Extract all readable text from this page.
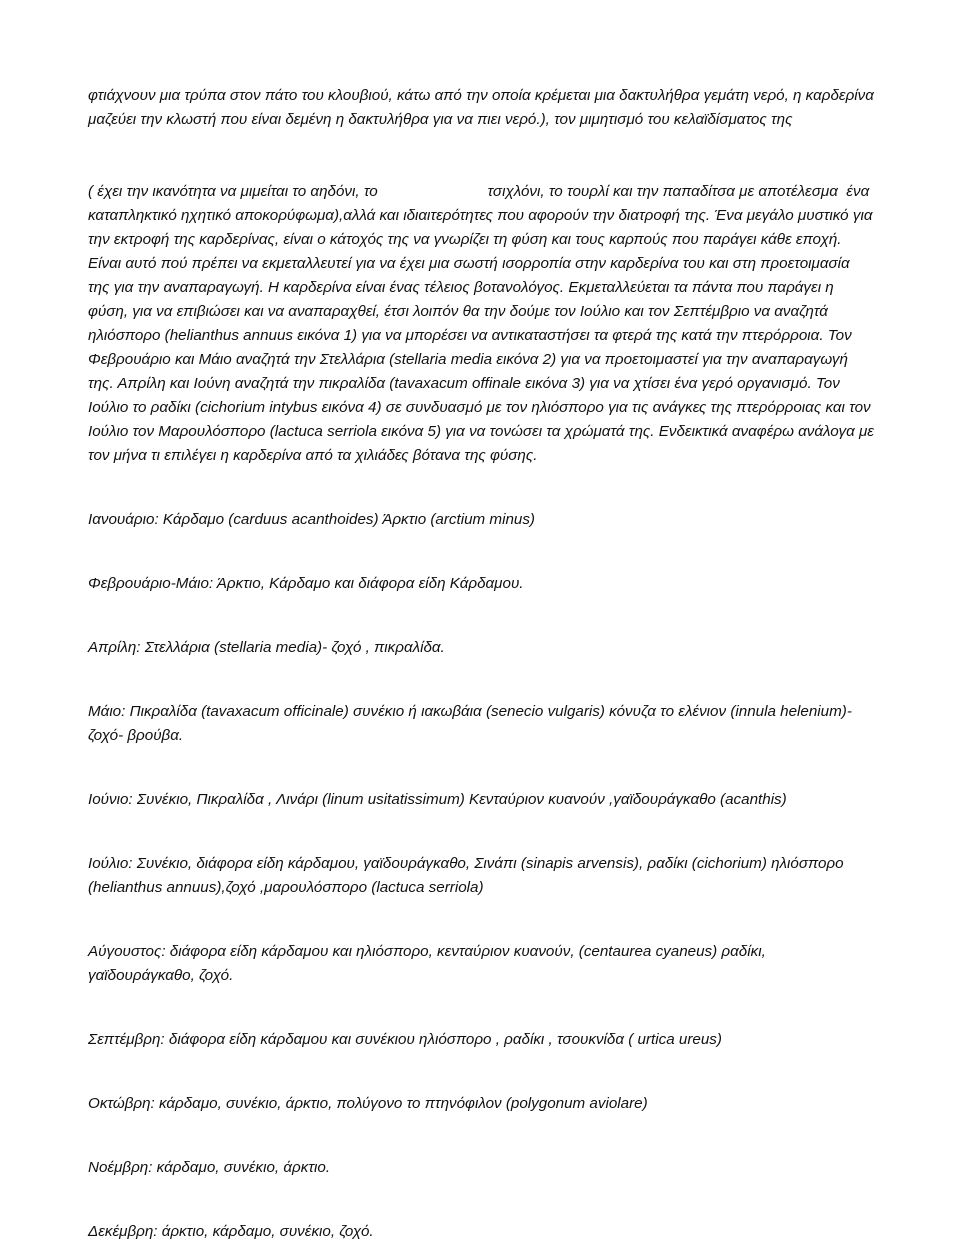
φτιάχνουν μια τρύπα στον πάτο του κλουβιού, κάτω από την οποία κρέμεται μια δακτυλήθρα γεμάτη νερό, η καρδερίνα μαζεύει την κλωστή που είναι δεμένη η δακτυλήθρα για να πιει νερό.), τον μιμητισμό του κελαϊδίσματος της

( έχει την ικανότητα να μιμείται το αηδόνι, το                          τσιχλόνι, το τουρλί και την παπαδίτσα με αποτέλεσμα  ένα καταπληκτικό ηχητικό αποκορύφωμα),αλλά και ιδιαιτερότητες που αφορούν την διατροφή της. Ένα μεγάλο μυστικό για την εκτροφή της καρδερίνας, είναι ο κάτοχός της να γνωρίζει τη φύση και τους καρπούς που παράγει κάθε εποχή. Είναι αυτό πού πρέπει να εκμεταλλευτεί για να έχει μια σωστή ισορροπία στην καρδερίνα του και στη προετοιμασία της για την αναπαραγωγή. Η καρδερίνα είναι ένας τέλειος βοτανολόγος. Εκμεταλλεύεται τα πάντα που παράγει η φύση, για να επιβιώσει και να αναπαραχθεί, έτσι λοιπόν θα την δούμε τον Ιούλιο και τον Σεπτέμβριο να αναζητά ηλιόσπορο (helianthus annuus εικόνα 1) για να μπορέσει να αντικαταστήσει τα φτερά της κατά την πτερόρροια. Τον Φεβρουάριο και Μάιο αναζητά την Στελλάρια (stellaria media εικόνα 2) για να προετοιμαστεί για την αναπαραγωγή της. Απρίλη και Ιούνη αναζητά την πικραλίδα (tavaxacum offinale εικόνα 3) για να χτίσει ένα γερό οργανισμό. Τον Ιούλιο το ραδίκι (cichorium intybus εικόνα 4) σε συνδυασμό με τον ηλιόσπορο για τις ανάγκες της πτερόρροιας και τον Ιούλιο τον Μαρουλόσπορο (lactuca serriola εικόνα 5) για να τονώσει τα χρώματά της. Ενδεικτικά αναφέρω ανάλογα με τον μήνα τι επιλέγει η καρδερίνα από τα χιλιάδες βότανα της φύσης.

Ιανουάριο: Κάρδαμο (carduus acanthoides) Άρκτιο (arctium minus)

Φεβρουάριο-Μάιο: Άρκτιο, Κάρδαμο και διάφορα είδη Κάρδαμου.

Απρίλη: Στελλάρια (stellaria media)- ζοχό , πικραλίδα.

Μάιο: Πικραλίδα (tavaxacum officinale) συνέκιο ή ιακωβάια (senecio vulgaris) κόνυζα το ελένιον (innula helenium)-ζοχό- βρούβα.

Ιούνιο: Συνέκιο, Πικραλίδα , Λινάρι (linum usitatissimum) Κενταύριον κυανούν ,γαϊδουράγκαθο (acanthis)

Ιούλιο: Συνέκιο, διάφορα είδη κάρδαμου, γαϊδουράγκαθο, Σινάπι (sinapis arvensis), ραδίκι (cichorium) ηλιόσπορο (helianthus annuus),ζοχό ,μαρουλόσπορο (lactuca serriola)

Αύγουστος: διάφορα είδη κάρδαμου και ηλιόσπορο, κενταύριον κυανούν, (centaurea cyaneus) ραδίκι, γαϊδουράγκαθο, ζοχό.

Σεπτέμβρη: διάφορα είδη κάρδαμου και συνέκιου ηλιόσπορο , ραδίκι , τσουκνίδα ( urtica ureus)

Οκτώβρη: κάρδαμο, συνέκιο, άρκτιο, πολύγονο το πτηνόφιλον (polygonum aviolare)

Νοέμβρη: κάρδαμο, συνέκιο, άρκτιο.

Δεκέμβρη: άρκτιο, κάρδαμο, συνέκιο, ζοχό.
